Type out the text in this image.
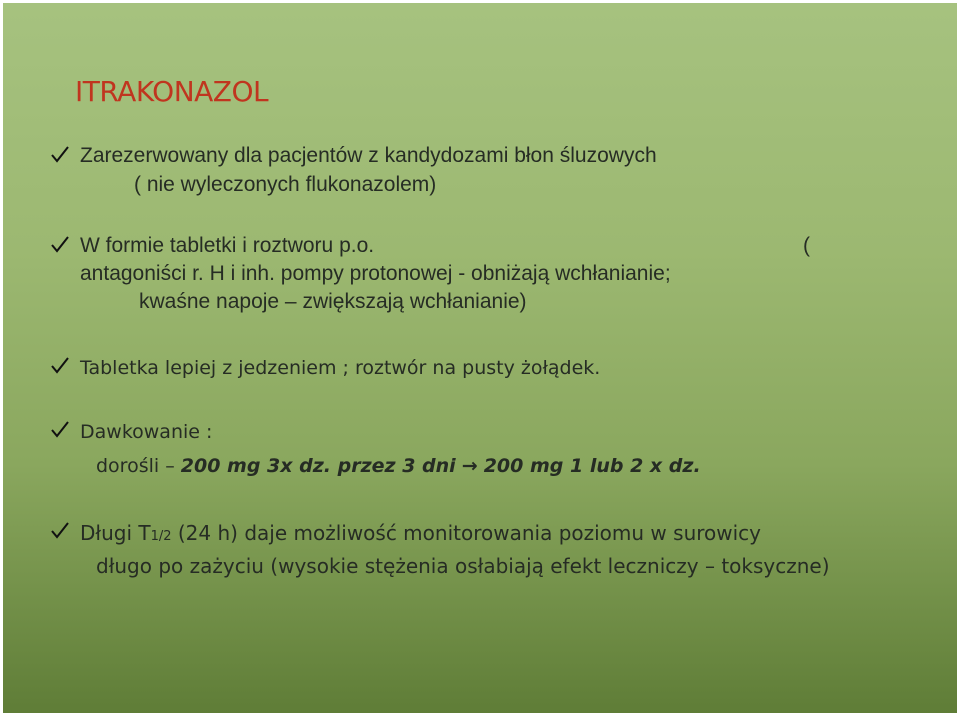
ITRAKONAZOL
Zarezerwowany dla pacjentów z kandydozami błon śluzowych
( nie wyleczonych flukonazolem)
W formie tabletki i roztworu p.o.	(
antagoniści r. H i inh. pompy protonowej - obniżają wchłanianie;
kwaśne napoje – zwiększają wchłanianie)
Tabletka lepiej z jedzeniem ; roztwór na pusty żołądek.
Dawkowanie :
dorośli – 200 mg 3x dz. przez 3 dni → 200 mg 1 lub 2 x dz.
Długi T1/2 (24 h) daje możliwość monitorowania poziomu w surowicy
długo po zażyciu (wysokie stężenia osłabiają efekt leczniczy – toksyczne)
